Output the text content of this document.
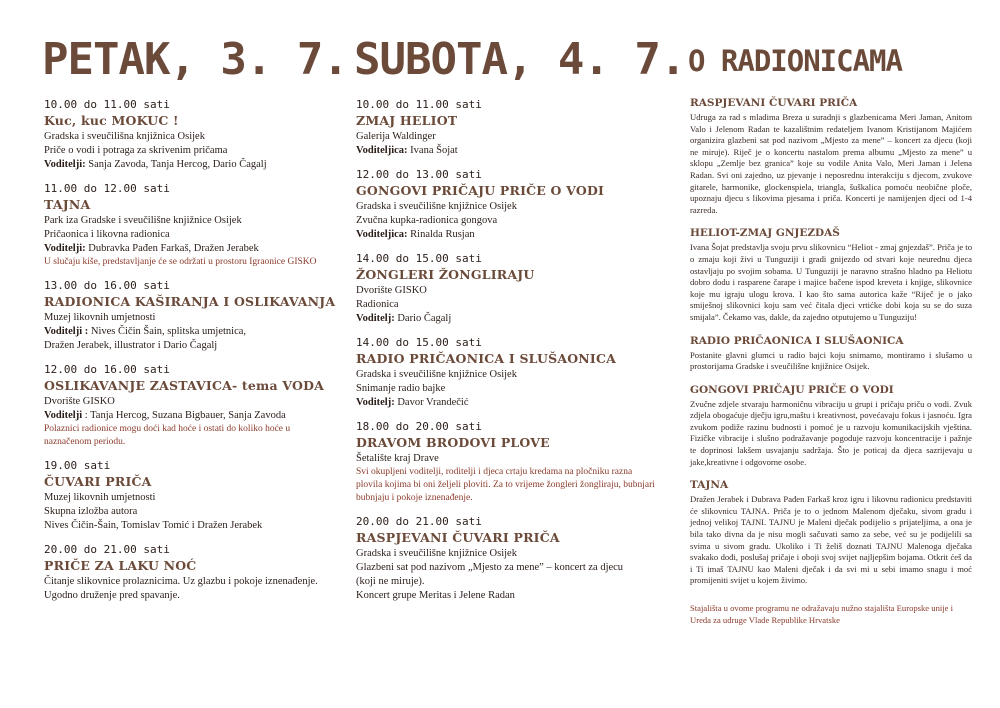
PETAK, 3. 7.
10.00 do 11.00 sati
Kuc, kuc MOKUC !
Gradska i sveučilišna knjižnica Osijek
Priče o vodi i potraga za skrivenim pričama
Voditelji: Sanja Zavoda, Tanja Hercog, Dario Čagalj
11.00 do 12.00 sati
TAJNA
Park iza Gradske i sveučilišne knjižnice Osijek
Pričaonica i likovna radionica
Voditelji: Dubravka Pađen Farkaš, Dražen Jerabek
U slučaju kiše, predstavljanje će se održati u prostoru Igraonice GISKO
13.00 do 16.00 sati
RADIONICA KAŠIRANJA I OSLIKAVANJA
Muzej likovnih umjetnosti
Voditelji : Nives Čičin Šain, splitska umjetnica,
Dražen Jerabek, illustrator i Dario Čagalj
12.00 do 16.00 sati
OSLIKAVANJE ZASTAVICA- tema VODA
Dvorište GISKO
Voditelji : Tanja Hercog, Suzana Bigbauer, Sanja Zavoda
Polaznici radionice mogu doći kad hoće i ostati do koliko hoće u naznačenom periodu.
19.00 sati
ČUVARI PRIČA
Muzej likovnih umjetnosti
Skupna izložba autora
Nives Čičin-Šain, Tomislav Tomić i Dražen Jerabek
20.00 do 21.00 sati
PRIČE ZA LAKU NOĆ
Čitanje slikovnice prolaznicima. Uz glazbu i pokoje iznenađenje.
Ugodno druženje pred spavanje.
SUBOTA, 4. 7.
10.00 do 11.00 sati
ZMAJ HELIOT
Galerija Waldinger
Voditeljica: Ivana Šojat
12.00 do 13.00 sati
GONGOVI PRIČAJU PRIČE O VODI
Gradska i sveučilišne knjižnice Osijek
Zvučna kupka-radionica gongova
Voditeljica: Rinalda Rusjan
14.00 do 15.00 sati
ŽONGLERI ŽONGLIRAJU
Dvorište GISKO
Radionica
Voditelj: Dario Čagalj
14.00 do 15.00 sati
RADIO PRIČAONICA I SLUŠAONICA
Gradska i sveučilišne knjižnice Osijek
Snimanje radio bajke
Voditelj: Davor Vrandečić
18.00 do 20.00 sati
DRAVOM BRODOVI PLOVE
Šetalište kraj Drave
Svi okupljeni voditelji, roditelji i djeca crtaju kredama na pločniku razna plovila kojima bi oni željeli ploviti. Za to vrijeme žongleri žongliraju, bubnjari bubnjaju i pokoje iznenađenje.
20.00 do 21.00 sati
RASPJEVANI ČUVARI PRIČA
Gradska i sveučilišne knjižnice Osijek
Glazbeni sat pod nazivom „Mjesto za mene” – koncert za djecu
(koji ne miruje).
Koncert grupe Meritas i Jelene Radan
O RADIONICAMA
RASPJEVANI ČUVARI PRIČA
Udruga za rad s mladima Breza u suradnji s glazbenicama Meri Jaman, Anitom Valo i Jelenom Radan te kazalištnim redateljem Ivanom Kristijanom Majićem organizira glazbeni sat pod nazivom „Mjesto za mene” – koncert za djecu (koji ne miruje). Riječ je o koncertu nastalom prema albumu „Mjesto za mene” u sklopu „Zemlje bez granica” koje su vodile Anita Valo, Meri Jaman i Jelena Radan. Svi oni zajedno, uz pjevanje i neposrednu interakciju s djecom, zvukove gitarele, harmonike, glockenspiela, trianglа, šuškalica pomoću neobične ploče, upoznaju djecu s likovima pjesama i priča. Koncerti je namijenjen djeci od 1-4 razreda.
HELIOT-ZMAJ GNJEZDAŠ
Ivana Šojat predstavlja svoju prvu slikovnicu “Heliot - zmaj gnjezdaš”. Priča je to o zmaju koji živi u Tunguziji i gradi gnijezdo od stvari koje neurednu djeca ostavljaju po svojim sobama. U Tunguziji je naravno strašno hladno pa Heliotu dobro dodu i rasparene čarape i majice bačene ispod kreveta i knjige, slikovnice koje mu igraju ulogu krova. I kao što sama autorica kaže “Riječ je o jako smiješnoj slikovnici koju sam već čitala djeci vrtićke dobi koja su se do suza smijala”. Čekamo vas, dakle, da zajedno otputujemo u Tunguziju!
RADIO PRIČAONICA I SLUŠAONICA
Postanite glavni glumci u radio bajci koju snimamo, montiramo i slušamo u prostorijama Gradske i sveučilišne knjižnice Osijek.
GONGOVI PRIČAJU PRIČE O VODI
Zvučne zdjele stvaraju harmoničnu vibraciju u grupi i pričaju priču o vodi. Zvuk zdjela obogaćuje dječju igru,maštu i kreativnost, povećavaju fokus i jasnoću. Igra zvukom podiže razinu budnosti i pomoć je u razvoju komunikacijskih vještina. Fizičke vibracije i slušno podražavanje pogoduje razvoju koncentracije i pažnje te doprinosi lakšem usvajanju sadržaja. Što je poticaj da djeca sazrijevaju u jake,kreativne i odgovorne osobe.
TAJNA
Dražen Jerabek i Dubrava Pađen Farkaš kroz igru i likovnu radionicu predstaviti će slikovnicu TAJNA. Priča je to o jednom Malenom dječaku, sivom gradu i jednoj velikoj TAJNI. TAJNU je Maleni dječak podijelio s prijateljima, a ona je bila tako divna da je nisu mogli sačuvati samo za sebe, već su je podijelili sa svima u sivom gradu. Ukoliko i Ti želiš doznati TAJNU Malenoga dječaka svakako dođi, poslušaj pričaje i oboji svoj svijet najljepšim bojama. Otkrit ćeš da i Ti imaš TAJNU kao Maleni dječak i da svi mi u sebi imamo snagu i moć promijeniti svijet u kojem živimo.
Stajališta u ovome programu ne odražavaju nužno stajališta Europske unije i Ureda za udruge Vlade Republike Hrvatske
